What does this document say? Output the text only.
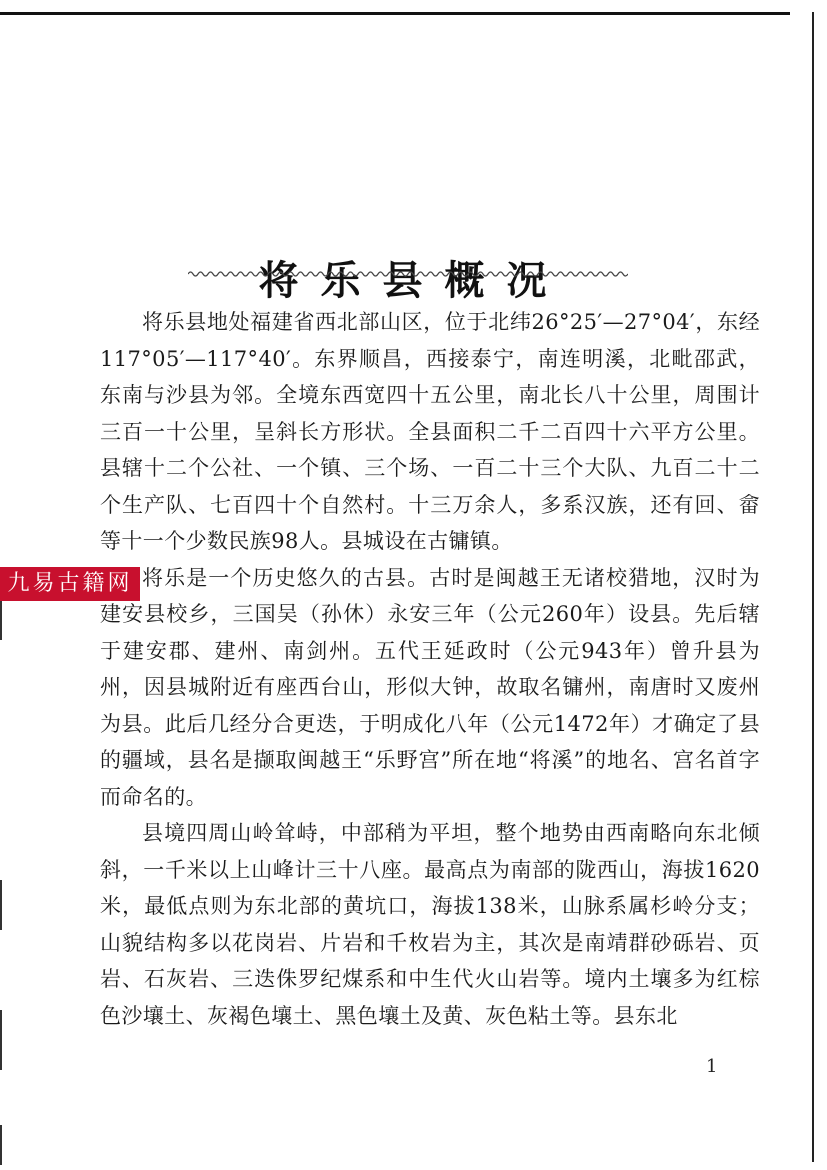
将乐县概况

将乐县地处福建省西北部山区，位于北纬26°25′—27°04′，东经117°05′—117°40′。东界顺昌，西接泰宁，南连明溪，北毗邵武，东南与沙县为邻。全境东西宽四十五公里，南北长八十公里，周围计三百一十公里，呈斜长方形状。全县面积二千二百四十六平方公里。县辖十二个公社、一个镇、三个场、一百二十三个大队、九百二十二个生产队、七百四十个自然村。十三万余人，多系汉族，还有回、畲等十一个少数民族98人。县城设在古镛镇。

将乐是一个历史悠久的古县。古时是闽越王无诸校猎地，汉时为建安县校乡，三国吴（孙休）永安三年（公元260年）设县。先后辖于建安郡、建州、南剑州。五代王延政时（公元943年）曾升县为州，因县城附近有座西台山，形似大钟，故取名镛州，南唐时又废州为县。此后几经分合更迭，于明成化八年（公元1472年）才确定了县的疆域，县名是撷取闽越王“乐野宫”所在地“将溪”的地名、宫名首字而命名的。

县境四周山岭耸峙，中部稍为平坦，整个地势由西南略向东北倾斜，一千米以上山峰计三十八座。最高点为南部的陇西山，海拔1620米，最低点则为东北部的黄坑口，海拔138米，山脉系属杉岭分支；山貌结构多以花岗岩、片岩和千枚岩为主，其次是南靖群砂砾岩、页岩、石灰岩、三迭侏罗纪煤系和中生代火山岩等。境内土壤多为红棕色沙壤土、灰褐色壤土、黑色壤土及黄、灰色粘土等。县东北

九易古籍网
1
